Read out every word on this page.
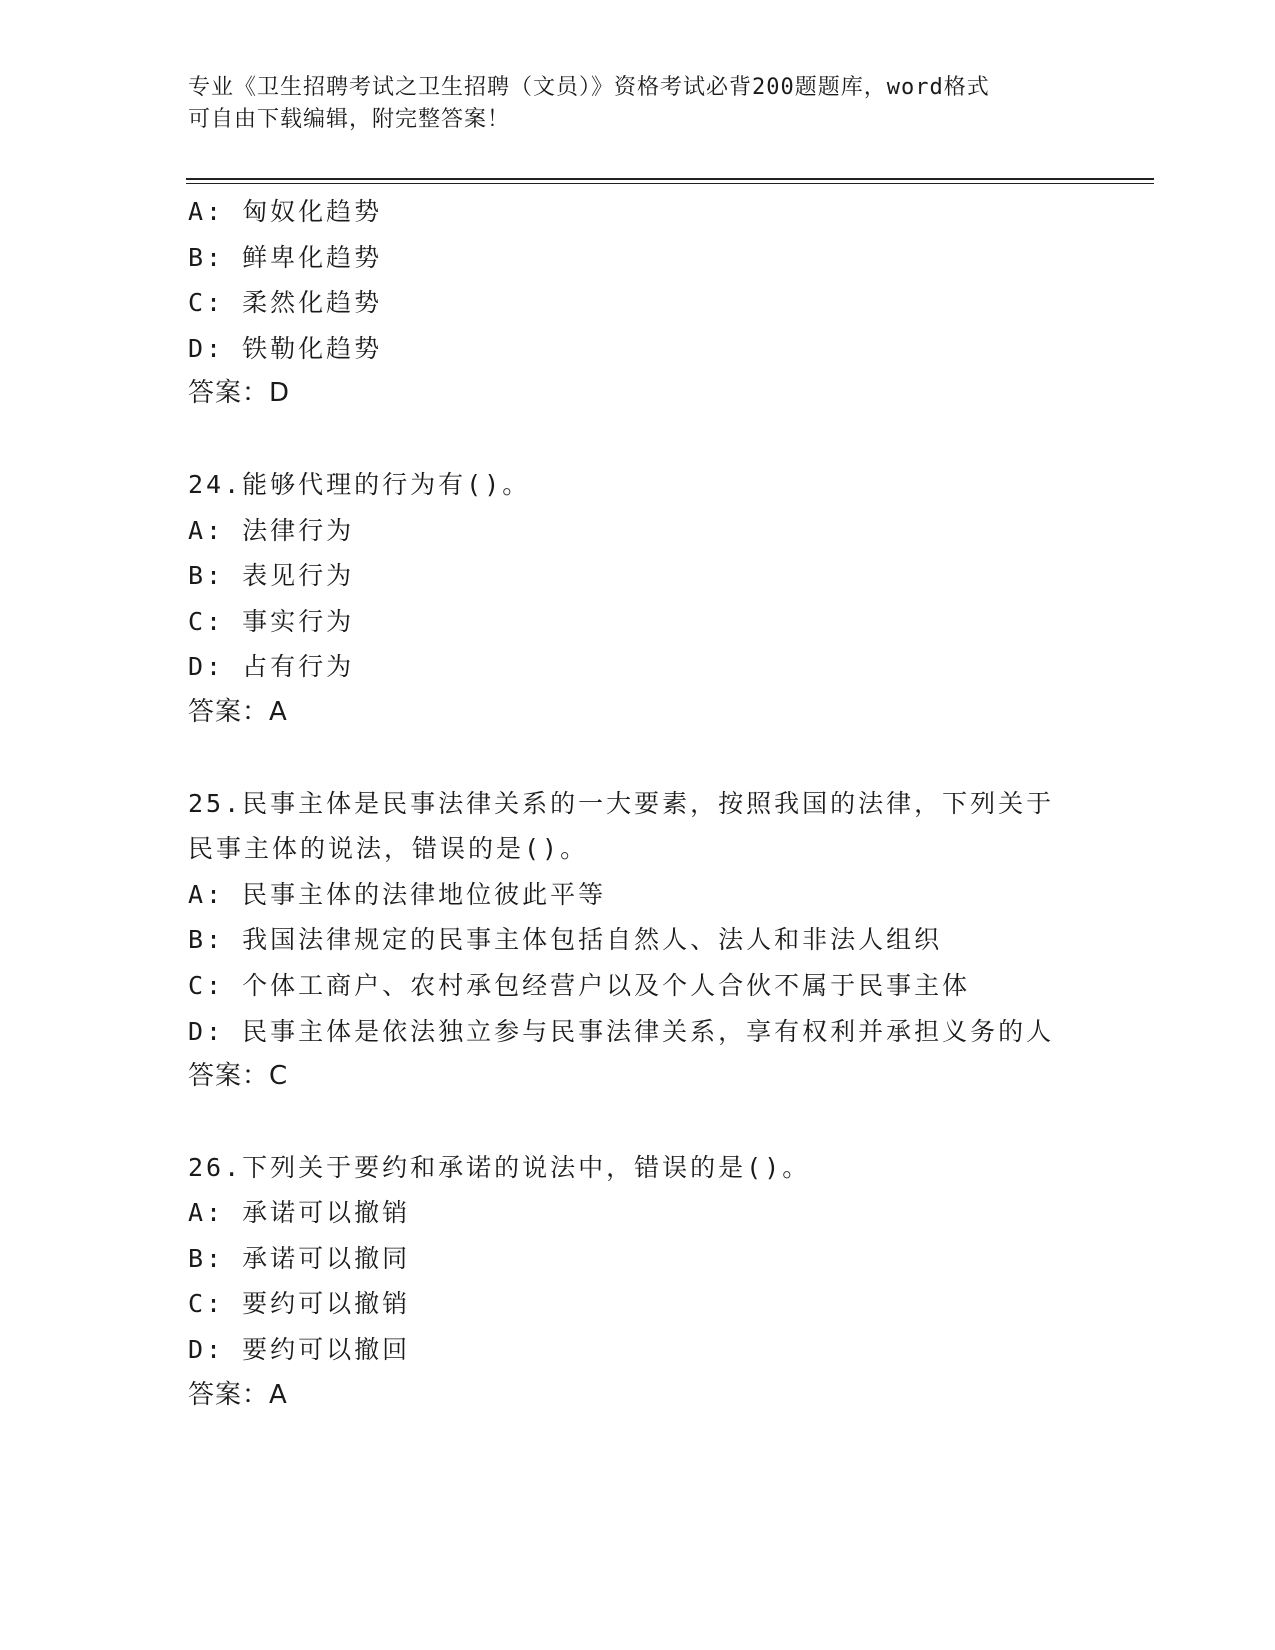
专业《卫生招聘考试之卫生招聘（文员）》资格考试必背200题题库，word格式
可自由下载编辑，附完整答案！
A: 匈奴化趋势
B: 鲜卑化趋势
C: 柔然化趋势
D: 铁勒化趋势
答案：D
24.能够代理的行为有()。
A: 法律行为
B: 表见行为
C: 事实行为
D: 占有行为
答案：A
25.民事主体是民事法律关系的一大要素，按照我国的法律，下列关于
民事主体的说法，错误的是()。
A: 民事主体的法律地位彼此平等
B: 我国法律规定的民事主体包括自然人、法人和非法人组织
C: 个体工商户、农村承包经营户以及个人合伙不属于民事主体
D: 民事主体是依法独立参与民事法律关系，享有权利并承担义务的人
答案：C
26.下列关于要约和承诺的说法中，错误的是()。
A: 承诺可以撤销
B: 承诺可以撤同
C: 要约可以撤销
D: 要约可以撤回
答案：A
